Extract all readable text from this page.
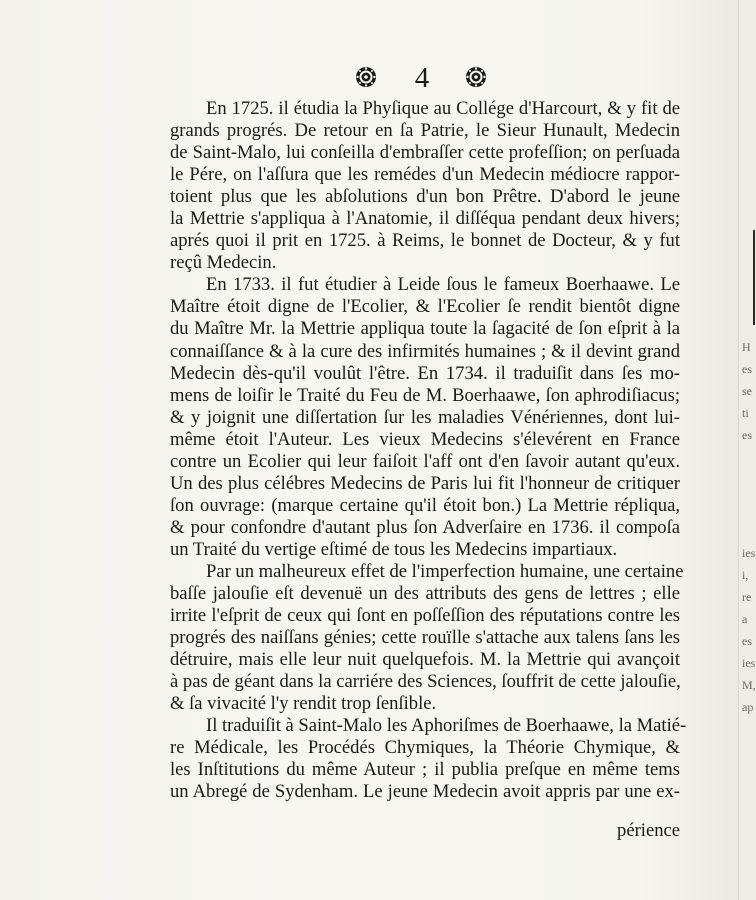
4

En 1725. il étudia la Phyſique au Collége d'Harcourt, & y fit de
grands progrés. De retour en ſa Patrie, le Sieur Hunault, Medecin
de Saint-Malo, lui conſeilla d'embraſſer cette profeſſion; on perſuada
le Pére, on l'aſſura que les remédes d'un Medecin médiocre rappor-
toient plus que les abſolutions d'un bon Prêtre. D'abord le jeune
la Mettrie s'appliqua à l'Anatomie, il diſſéqua pendant deux hivers;
aprés quoi il prit en 1725. à Reims, le bonnet de Docteur, & y fut
reçû Medecin.

En 1733. il fut étudier à Leide ſous le fameux Boerhaawe. Le
Maître étoit digne de l'Ecolier, & l'Ecolier ſe rendit bientôt digne
du Maître Mr. la Mettrie appliqua toute la ſagacité de ſon eſprit à la
connaiſſance & à la cure des infirmités humaines ; & il devint grand
Medecin dès-qu'il voulût l'être. En 1734. il traduiſit dans ſes mo-
mens de loiſir le Traité du Feu de M. Boerhaawe, ſon aphrodiſiacus;
& y joignit une diſſertation ſur les maladies Vénériennes, dont lui-
même étoit l'Auteur. Les vieux Medecins s'élevérent en France
contre un Ecolier qui leur faiſoit l'aff ont d'en ſavoir autant qu'eux.
Un des plus célébres Medecins de Paris lui fit l'honneur de critiquer
ſon ouvrage: (marque certaine qu'il étoit bon.) La Mettrie répliqua,
& pour confondre d'autant plus ſon Adverſaire en 1736. il compoſa
un Traité du vertige eſtimé de tous les Medecins impartiaux.

Par un malheureux effet de l'imperfection humaine, une certaine
baſſe jalouſie eſt devenuë un des attributs des gens de lettres ; elle
irrite l'eſprit de ceux qui ſont en poſſeſſion des réputations contre les
progrés des naiſſans génies; cette rouïlle s'attache aux talens ſans les
détruire, mais elle leur nuit quelquefois. M. la Mettrie qui avançoit
à pas de géant dans la carriére des Sciences, ſouffrit de cette jalouſie,
& ſa vivacité l'y rendit trop ſenſible.

Il traduiſit à Saint-Malo les Aphoriſmes de Boerhaawe, la Matié-
re Médicale, les Procédés Chymiques, la Théorie Chymique, &
les Inſtitutions du même Auteur ; il publia preſque en même tems
un Abregé de Sydenham. Le jeune Medecin avoit appris par une ex-

périence
H
es
se
ti
es
ies
i,
re
a
es
ies
M,
ap
